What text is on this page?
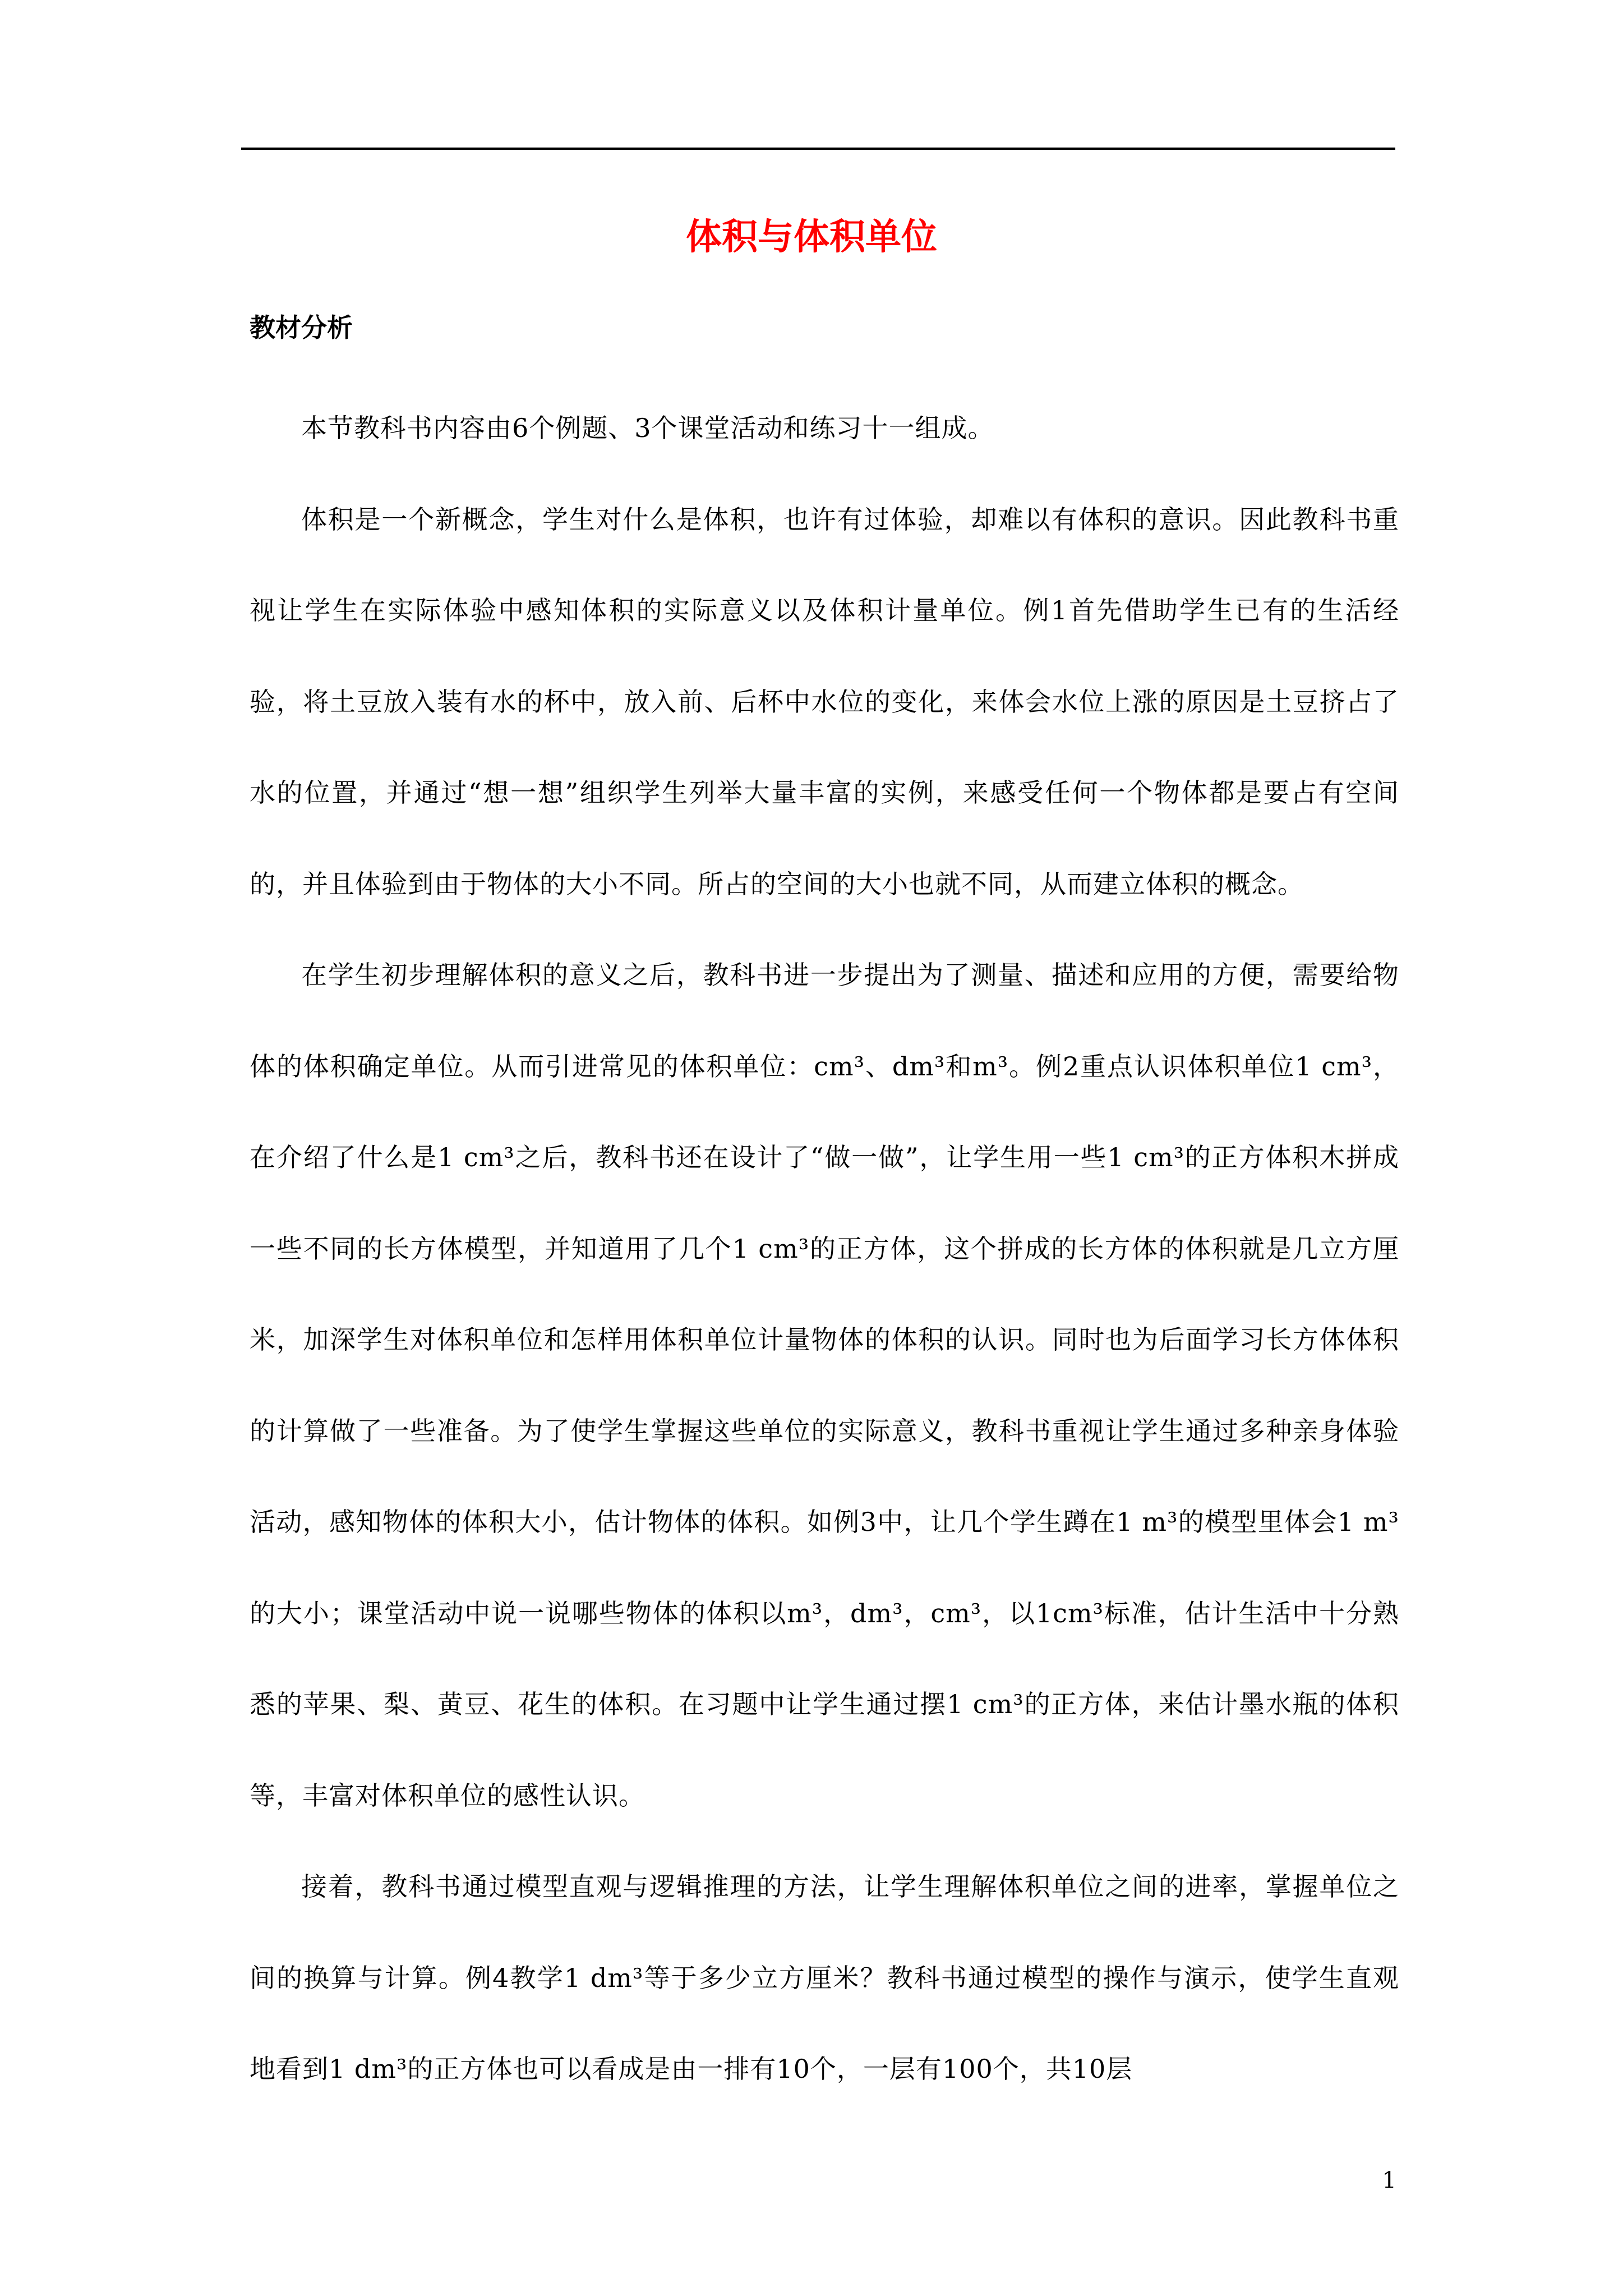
体积与体积单位
教材分析

本节教科书内容由6个例题、3个课堂活动和练习十一组成。

体积是一个新概念，学生对什么是体积，也许有过体验，却难以有体积的意识。因此教科书重视让学生在实际体验中感知体积的实际意义以及体积计量单位。例1首先借助学生已有的生活经验，将土豆放入装有水的杯中，放入前、后杯中水位的变化，来体会水位上涨的原因是土豆挤占了水的位置，并通过“想一想”组织学生列举大量丰富的实例，来感受任何一个物体都是要占有空间的，并且体验到由于物体的大小不同。所占的空间的大小也就不同，从而建立体积的概念。

在学生初步理解体积的意义之后，教科书进一步提出为了测量、描述和应用的方便，需要给物体的体积确定单位。从而引进常见的体积单位：cm³、dm³和m³。例2重点认识体积单位1 cm³，在介绍了什么是1 cm³之后，教科书还在设计了“做一做”，让学生用一些1 cm³的正方体积木拼成一些不同的长方体模型，并知道用了几个1 cm³的正方体，这个拼成的长方体的体积就是几立方厘米，加深学生对体积单位和怎样用体积单位计量物体的体积的认识。同时也为后面学习长方体体积的计算做了一些准备。为了使学生掌握这些单位的实际意义，教科书重视让学生通过多种亲身体验活动，感知物体的体积大小，估计物体的体积。如例3中，让几个学生蹲在1 m³的模型里体会1 m³的大小；课堂活动中说一说哪些物体的体积以m³，dm³，cm³，以1cm³标准，估计生活中十分熟悉的苹果、梨、黄豆、花生的体积。在习题中让学生通过摆1 cm³的正方体，来估计墨水瓶的体积等，丰富对体积单位的感性认识。

接着，教科书通过模型直观与逻辑推理的方法，让学生理解体积单位之间的进率，掌握单位之间的换算与计算。例4教学1 dm³等于多少立方厘米？教科书通过模型的操作与演示，使学生直观地看到1 dm³的正方体也可以看成是由一排有10个，一层有100个，共10层

1
